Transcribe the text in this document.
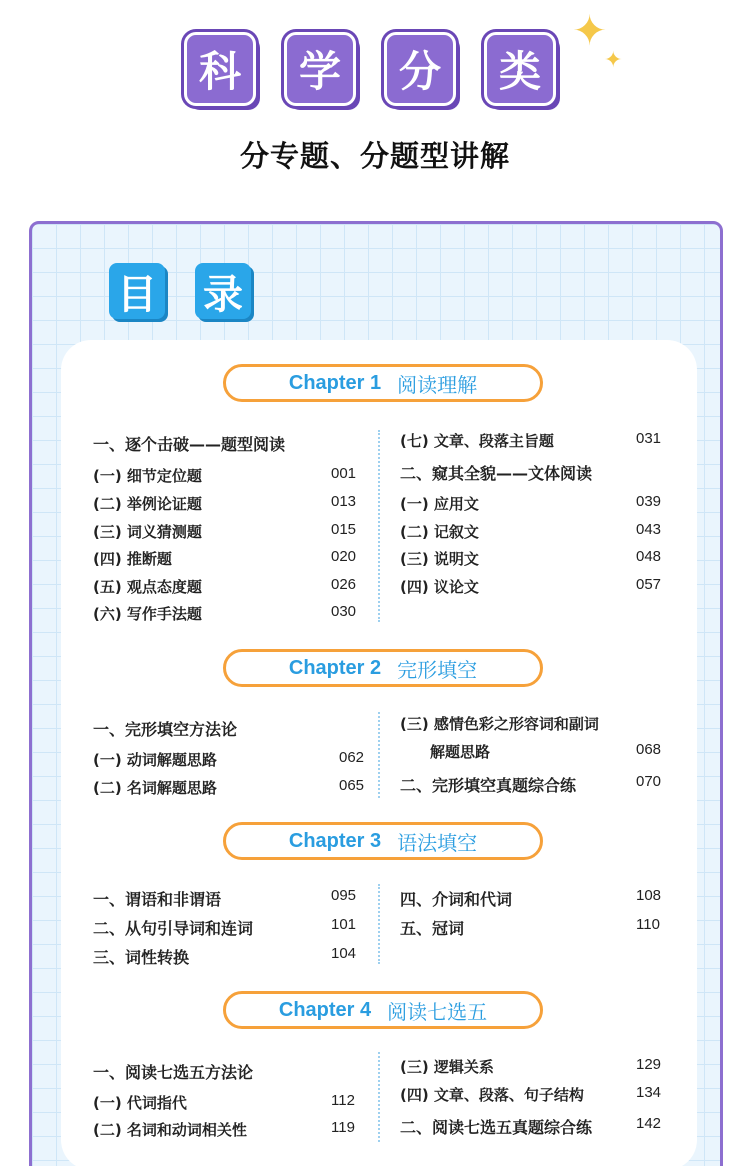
科	学	分	类
✦
✦
分专题、分题型讲解
目 录
Chapter 1 阅读理解
一、逐个击破——题型阅读
(一) 细节定位题	001
(二) 举例论证题	013
(三) 词义猜测题	015
(四) 推断题	020
(五) 观点态度题	026
(六) 写作手法题	030
(七) 文章、段落主旨题	031
二、窥其全貌——文体阅读
(一) 应用文	039
(二) 记叙文	043
(三) 说明文	048
(四) 议论文	057
Chapter 2 完形填空
一、完形填空方法论
(一) 动词解题思路	062
(二) 名词解题思路	065
(三) 感情色彩之形容词和副词
解题思路	068
二、完形填空真题综合练	070
Chapter 3 语法填空
一、谓语和非谓语	095
二、从句引导词和连词	101
三、词性转换	104
四、介词和代词	108
五、冠词	110
Chapter 4 阅读七选五
一、阅读七选五方法论
(一) 代词指代	112
(二) 名词和动词相关性	119
(三) 逻辑关系	129
(四) 文章、段落、句子结构	134
二、阅读七选五真题综合练	142
